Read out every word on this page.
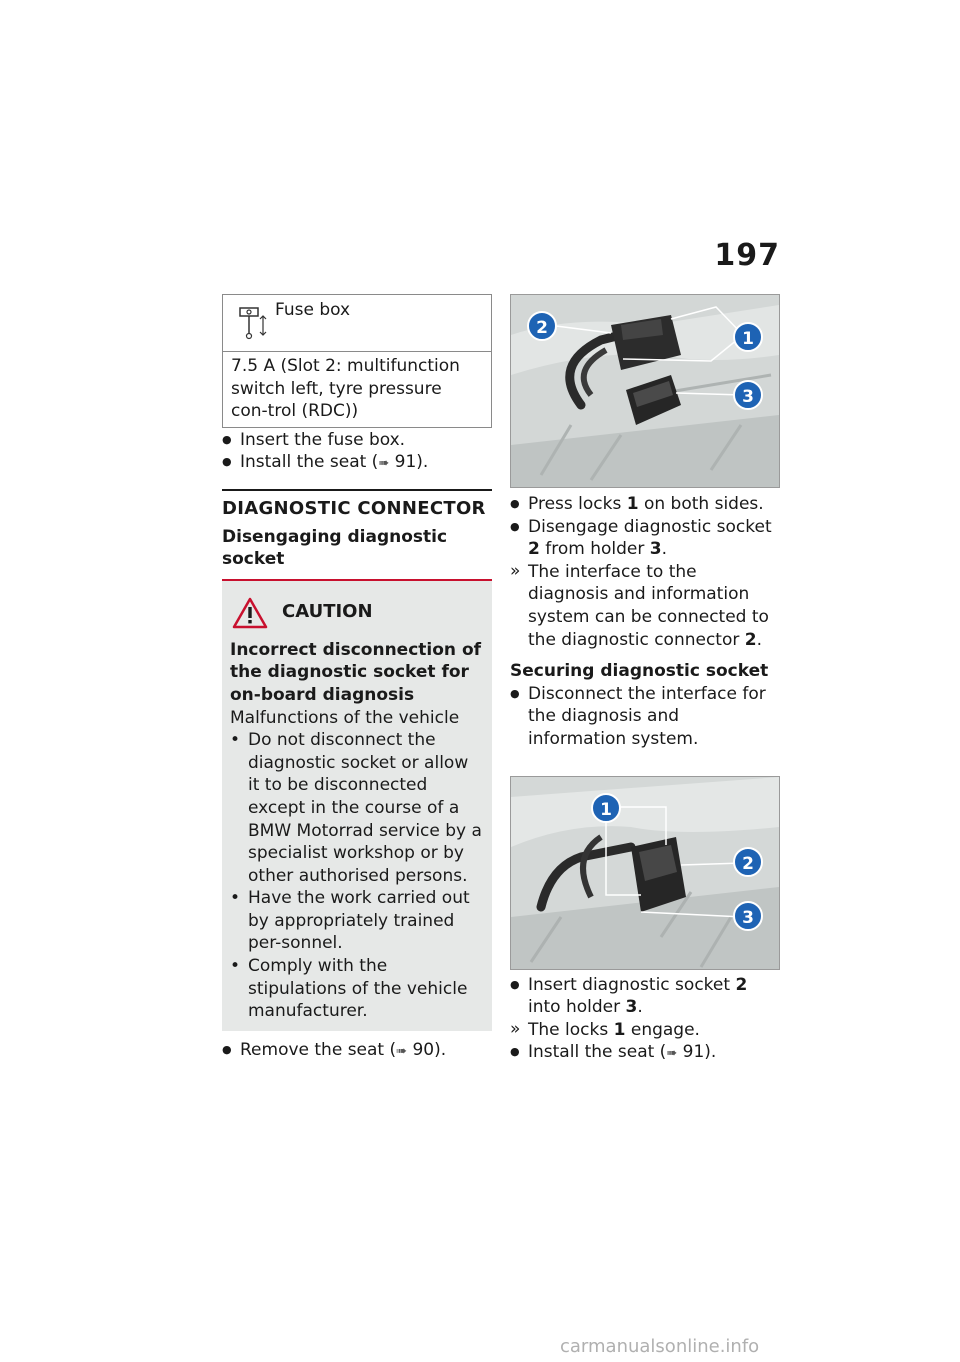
197
Fuse box
7.5 A (Slot 2: multifunction switch left, tyre pressure con-trol (RDC))
● Insert the fuse box.
● Install the seat (➠ 91).
DIAGNOSTIC CONNECTOR
Disengaging diagnostic
socket
CAUTION
Incorrect disconnection of the diagnostic socket for on-board diagnosis
Malfunctions of the vehicle
• Do not disconnect the diagnostic socket or allow it to be disconnected except in the course of a BMW Motorrad service by a specialist workshop or by other authorised persons.
• Have the work carried out by appropriately trained per-sonnel.
• Comply with the stipulations of the vehicle manufacturer.
● Remove the seat (➠ 90).
2
1
3
● Press locks 1 on both sides.
● Disengage diagnostic socket 2 from holder 3.
» The interface to the diagnosis and information system can be connected to the diagnostic connector 2.
Securing diagnostic socket
● Disconnect the interface for the diagnosis and information system.
1
2
3
● Insert diagnostic socket 2 into holder 3.
» The locks 1 engage.
● Install the seat (➠ 91).
carmanualsonline.info
